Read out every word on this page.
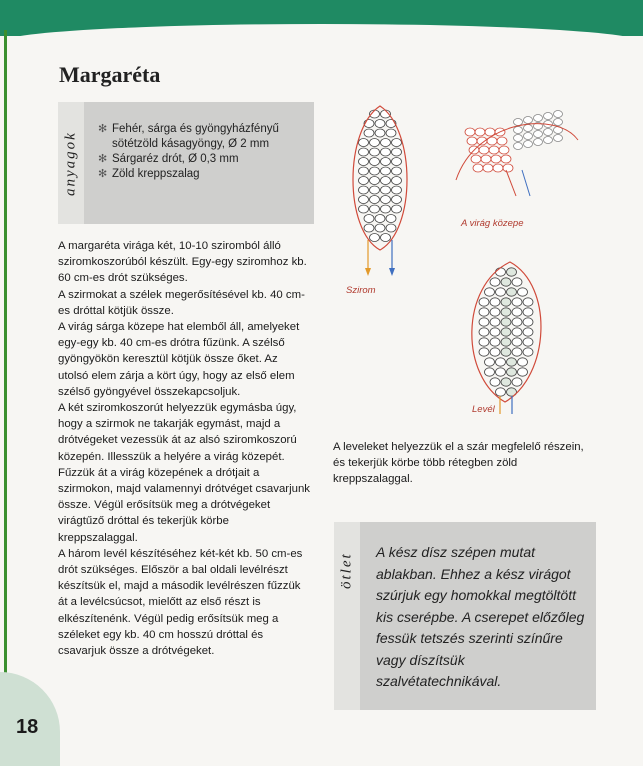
Margaréta
anyagok
✻ Fehér, sárga és gyöngyházfényű sötétzöld kásagyöngy, Ø 2 mm
✻ Sárgaréz drót, Ø 0,3 mm
✻ Zöld kreppszalag

A margaréta virága két, 10-10 sziromból álló sziromkoszorúból készült. Egy-egy sziromhoz kb. 60 cm-es drót szükséges.

A szirmokat a szélek megerősítésével kb. 40 cm-es dróttal kötjük össze.

A virág sárga közepe hat elemből áll, amelyeket egy-egy kb. 40 cm-es drótra fűzünk. A szélső gyöngyökön keresztül kötjük össze őket. Az utolsó elem zárja a kört úgy, hogy az első elem szélső gyöngyével összekapcsoljuk.

A két sziromkoszorút helyezzük egymásba úgy, hogy a szirmok ne takarják egymást, majd a drótvégeket vezessük át az alsó sziromkoszorú közepén. Illesszük a helyére a virág közepét. Fűzzük át a virág közepének a drótjait a szirmokon, majd valamennyi drótvéget csavarjunk össze. Végül erősítsük meg a drótvégeket virágtűző dróttal és tekerjük körbe kreppszalaggal.

A három levél készítéséhez két-két kb. 50 cm-es drót szükséges. Először a bal oldali levélrészt készítsük el, majd a második levélrészen fűzzük át a levélcsúcsot, mielőtt az első részt is elkészítenénk. Végül pedig erősítsük meg a széleket egy kb. 40 cm hosszú dróttal és csavarjuk össze a drótvégeket.

Szirom
A virág közepe
Levél

A leveleket helyezzük el a szár megfelelő részein, és tekerjük körbe több rétegben zöld kreppszalaggal.

ötlet

A kész dísz szépen mutat ablakban. Ehhez a kész virágot szúrjuk egy homokkal megtöltött kis cserépbe. A cserepet előzőleg fessük tetszés szerinti színűre vagy díszítsük szalvétatechnikával.

18
